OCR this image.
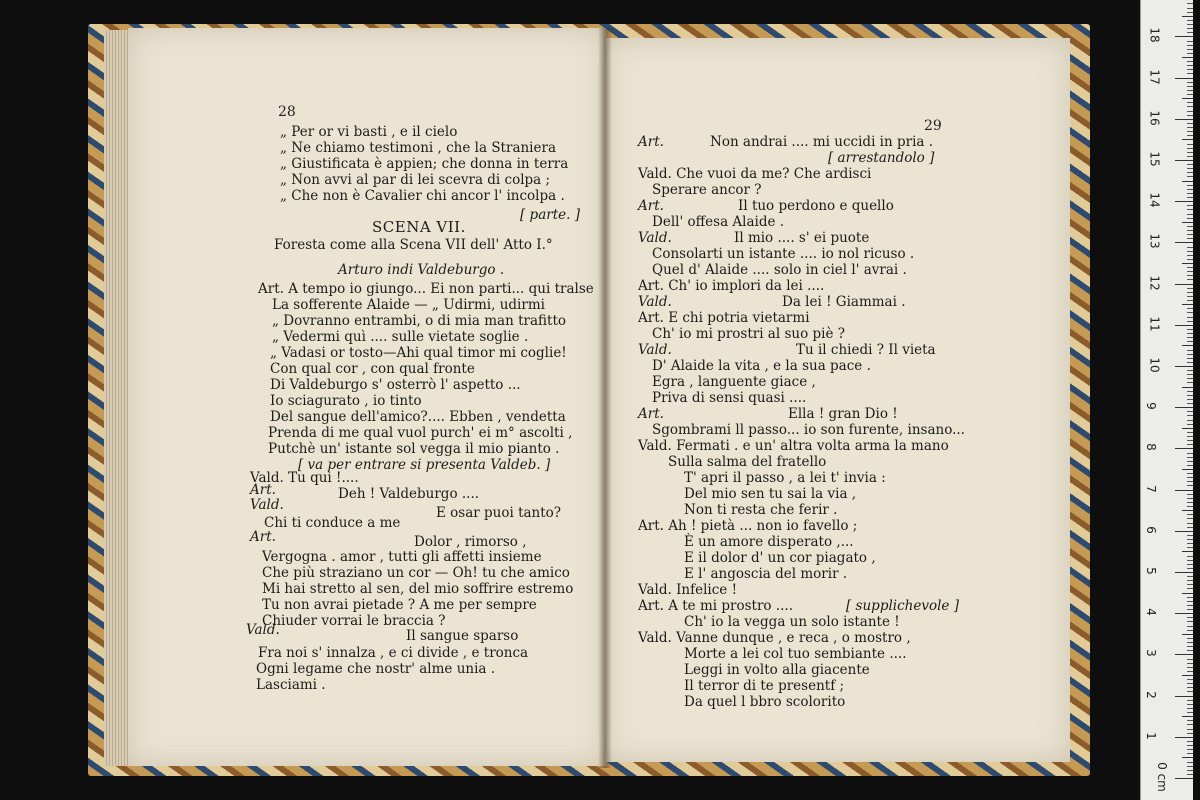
28
29
„ Per or vi basti , e il cielo
„ Ne chiamo testimoni , che la Straniera
„ Giustificata è appien; che donna in terra
„ Non avvi al par di lei scevra di colpa ;
„ Che non è Cavalier chi ancor l' incolpa .
[ parte. ]
SCENA VII.
Foresta come alla Scena VII dell' Atto I.°
Arturo indi Valdeburgo .
Art. A tempo io giungo... Ei non parti... qui tralse
La sofferente Alaide — „ Udirmi, udirmi
„ Dovranno entrambi, o di mia man trafitto
„ Vedermi quì .... sulle vietate soglie .
„ Vadasi or tosto—Ahi qual timor mi coglie!
Con qual cor , con qual fronte
Di Valdeburgo s' osterrò l' aspetto ...
Io sciagurato , io tinto
Del sangue dell'amico?.... Ebben , vendetta
Prenda di me qual vuol purch' ei m° ascolti ,
Putchè un' istante sol vegga il mio pianto .
[ va per entrare si presenta Valdeb. ]
Vald. Tu quì !....
Art.	Deh ! Valdeburgo ....
Vald.	E osar puoi tanto?
Chi ti conduce a me
Art.	Dolor , rimorso ,
Vergogna . amor , tutti gli affetti insieme
Che più straziano un cor — Oh! tu che amico
Mi hai stretto al sen, del mio soffrire estremo
Tu non avrai pietade ? A me per sempre
Chiuder vorrai le braccia ?
Vald.	Il sangue sparso
Fra noi s' innalza , e ci divide , e tronca
Ogni legame che nostr' alme unia .
Lasciami .
Art.	Non andrai .... mi uccidi in pria .
[ arrestandolo ]
Vald. Che vuoi da me? Che ardisci
Sperare ancor ?
Art.	Il tuo perdono e quello
Dell' offesa Alaide .
Vald.	Il mio .... s' ei puote
Consolarti un istante .... io nol ricuso .
Quel d' Alaide .... solo in ciel l' avrai .
Art. Ch' io implori da lei ....
Vald.	Da lei ! Giammai .
Art. E chi potria vietarmi
Ch' io mi prostri al suo piè ?
Vald.	Tu il chiedi ? Il vieta
D' Alaide la vita , e la sua pace .
Egra , languente giace ,
Priva di sensi quasi ....
Art.	Ella ! gran Dio !
Sgombrami ll passo... io son furente, insano...
Vald. Fermati . e un' altra volta arma la mano
Sulla salma del fratello
T' apri il passo , a lei t' invia :
Del mio sen tu sai la via ,
Non ti resta che ferir .
Art. Ah ! pietà ... non io favello ;
È un amore disperato ,...
E il dolor d' un cor piagato ,
E l' angoscia del morir .
Vald. Infelice !
Art. A te mi prostro ....	[ supplichevole ]
Ch' io la vegga un solo istante !
Vald. Vanne dunque , e reca , o mostro ,
Morte a lei col tuo sembiante ....
Leggi in volto alla giacente
Il terror di te presentf ;
Da quel l bbro scolorito
0 cm
1
2
3
4
5
6
7
8
9
10
11
12
13
14
15
16
17
18
